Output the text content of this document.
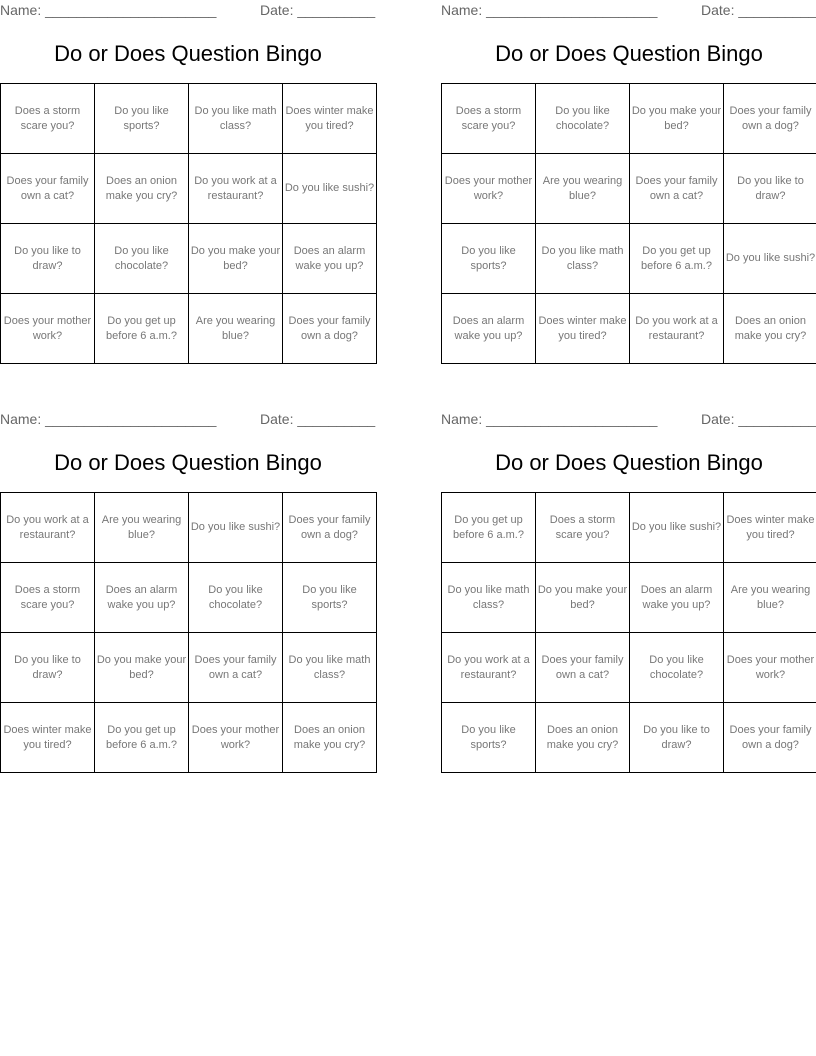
Name: ______________________	Date: __________
Do or Does Question Bingo
Does a storm scare you?	Do you like sports?	Do you like math class?	Does winter make you tired?
Does your family own a cat?	Does an onion make you cry?	Do you work at a restaurant?	Do you like sushi?
Do you like to draw?	Do you like chocolate?	Do you make your bed?	Does an alarm wake you up?
Does your mother work?	Do you get up before 6 a.m.?	Are you wearing blue?	Does your family own a dog?
Name: ______________________	Date: __________
Do or Does Question Bingo
Does a storm scare you?	Do you like chocolate?	Do you make your bed?	Does your family own a dog?
Does your mother work?	Are you wearing blue?	Does your family own a cat?	Do you like to draw?
Do you like sports?	Do you like math class?	Do you get up before 6 a.m.?	Do you like sushi?
Does an alarm wake you up?	Does winter make you tired?	Do you work at a restaurant?	Does an onion make you cry?
Name: ______________________	Date: __________
Do or Does Question Bingo
Do you work at a restaurant?	Are you wearing blue?	Do you like sushi?	Does your family own a dog?
Does a storm scare you?	Does an alarm wake you up?	Do you like chocolate?	Do you like sports?
Do you like to draw?	Do you make your bed?	Does your family own a cat?	Do you like math class?
Does winter make you tired?	Do you get up before 6 a.m.?	Does your mother work?	Does an onion make you cry?
Name: ______________________	Date: __________
Do or Does Question Bingo
Do you get up before 6 a.m.?	Does a storm scare you?	Do you like sushi?	Does winter make you tired?
Do you like math class?	Do you make your bed?	Does an alarm wake you up?	Are you wearing blue?
Do you work at a restaurant?	Does your family own a cat?	Do you like chocolate?	Does your mother work?
Do you like sports?	Does an onion make you cry?	Do you like to draw?	Does your family own a dog?
